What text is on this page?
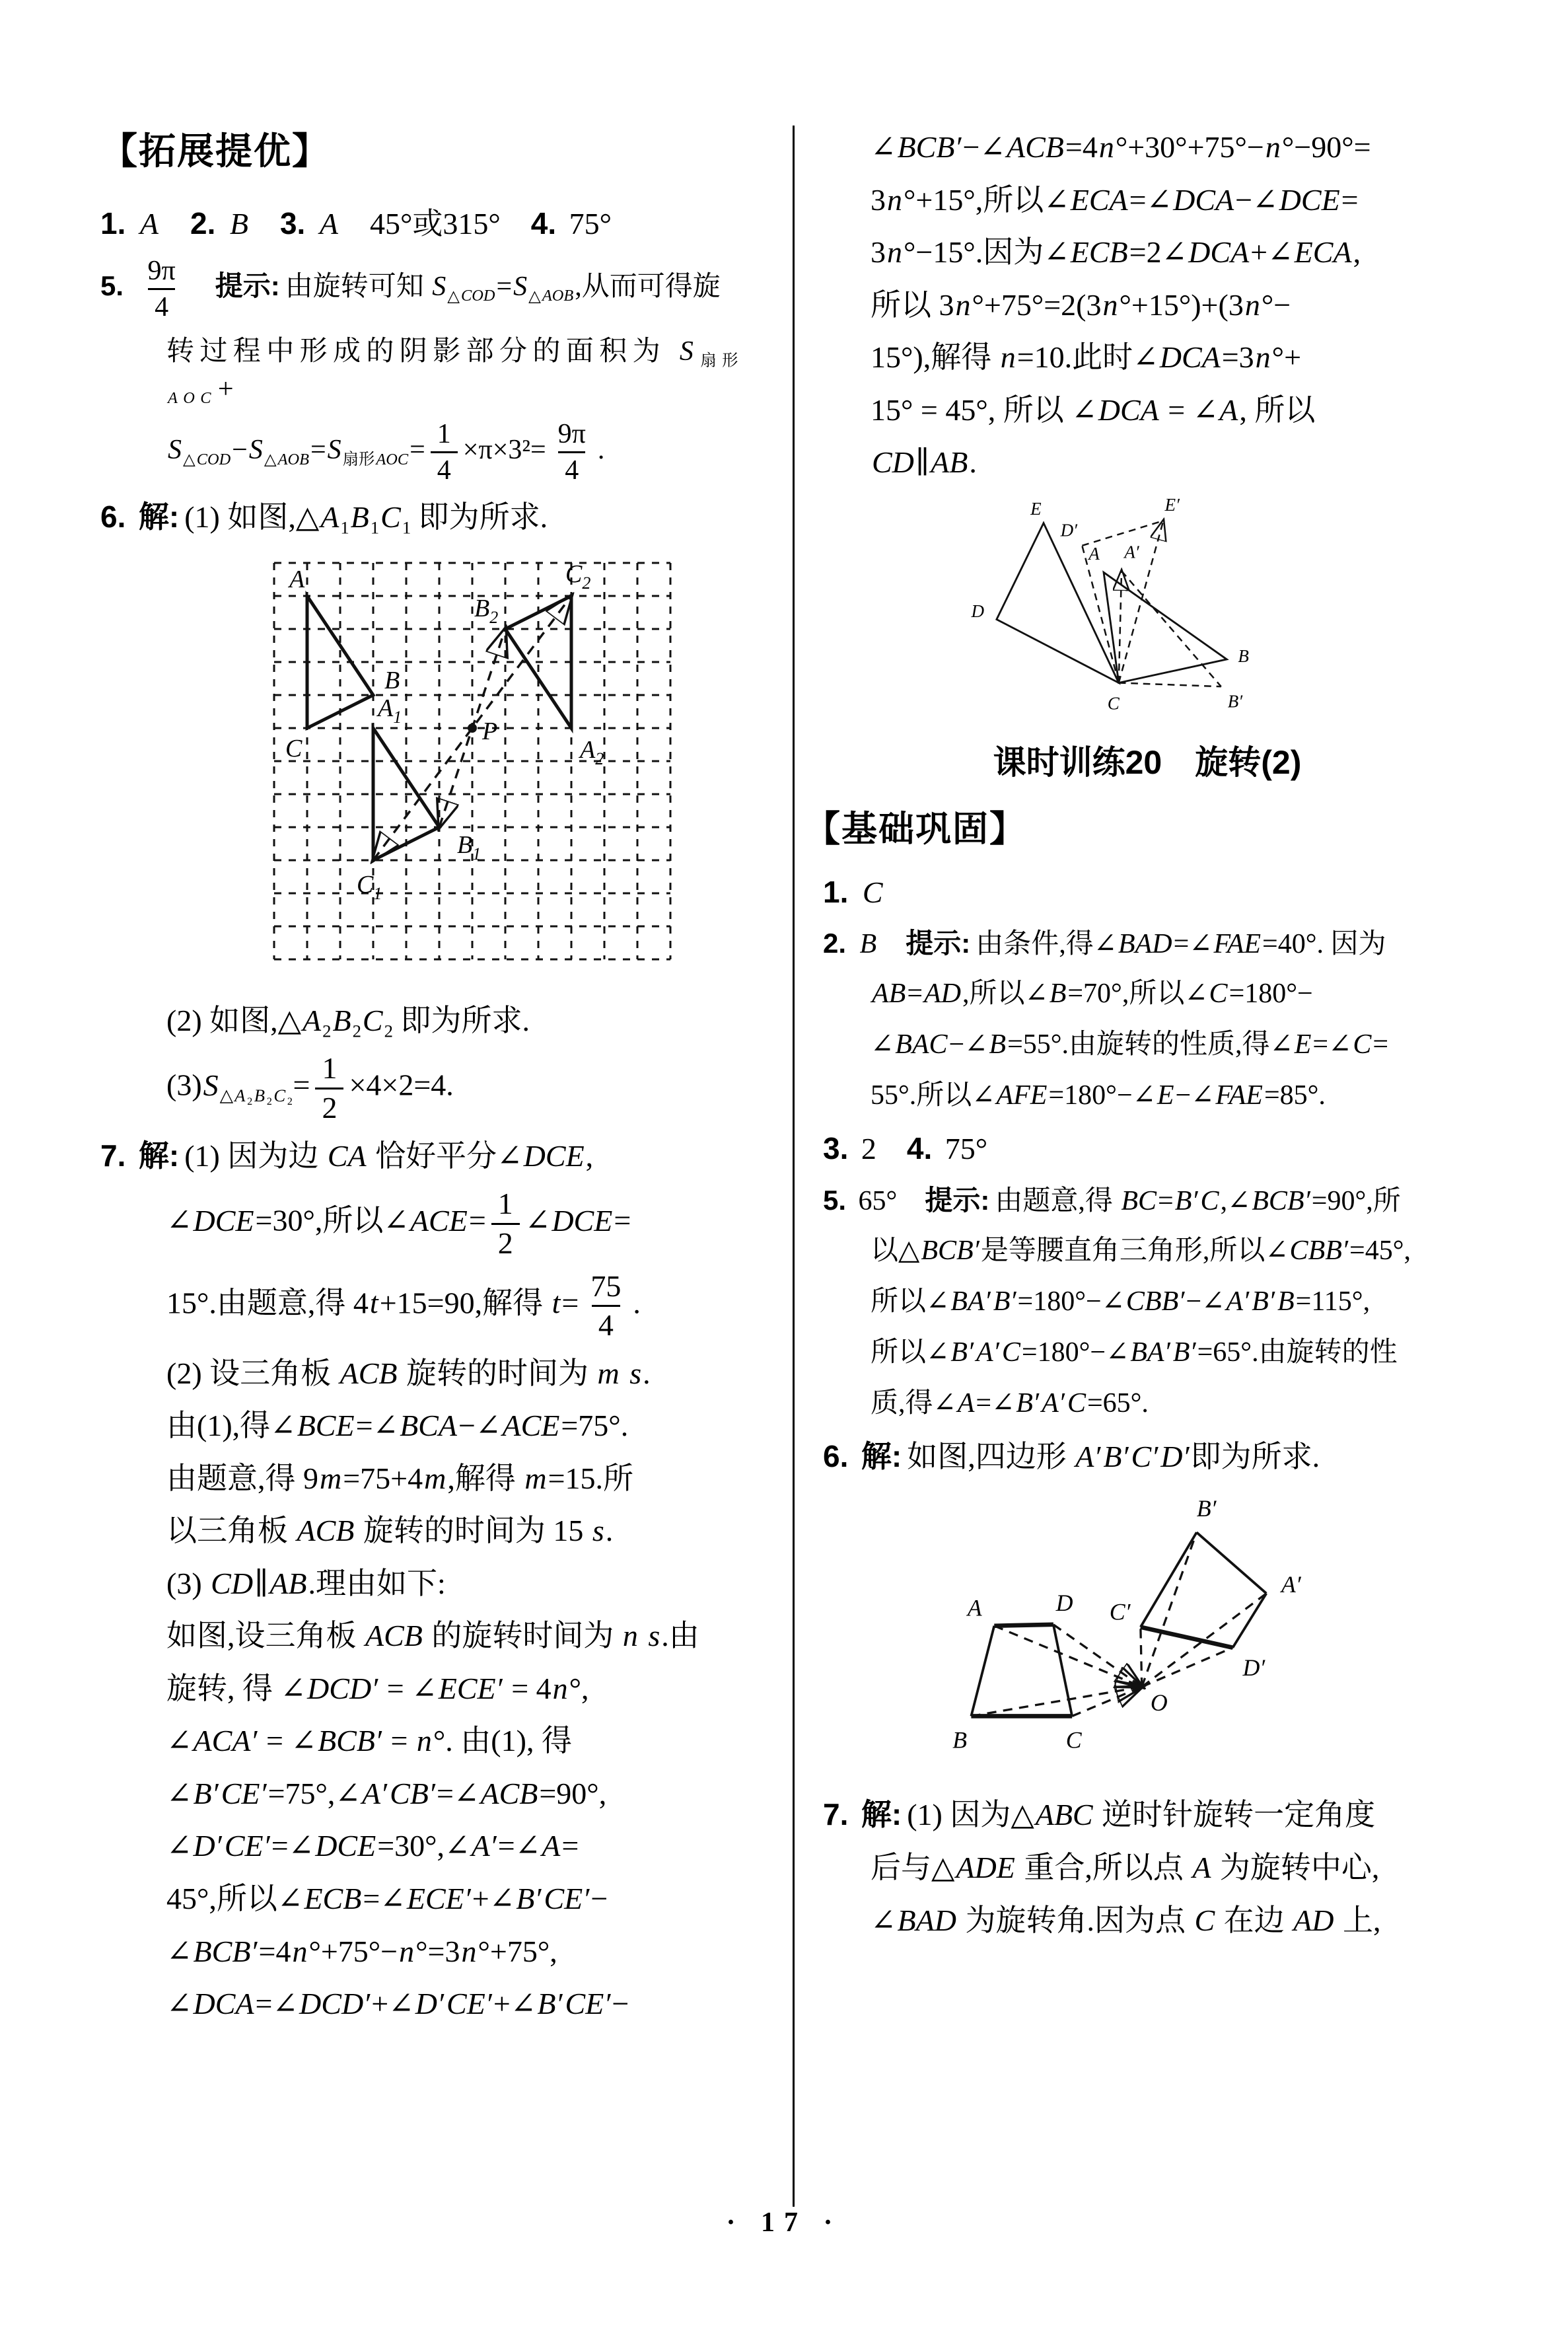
【拓展提优】
1. A　 2. B　 3. A　45°或315°　4. 75°
5. $\frac{9\pi}{4}$
　 提示: 由旋转可知 $S_{\triangle COD}=S_{\triangle AOB}$,从而可得旋
转过程中形成的阴影部分的面积为 $S_{扇形AOC}+$
$S_{\triangle COD}-S_{\triangle AOB}=S_{扇形AOC}= \frac{1}{4} \times\pi\times 3^2= \frac{9\pi}{4}$ .
6. 解: (1) 如图$,\triangle A_1B_1C_1$ 即为所求.
A
B
C
$A_1$
$B_1$
$C_1$
$B_2$
$C_2$
$A_2$
P
(2) 如图$,\triangle A_2B_2C_2$ 即为所求.
$(3)S_{\triangle A_2B_2C_2}= \frac{1}{2} \times 4\times 2=4$.
7. 解: (1) 因为边 CA 恰好平分∠DCE,
∠DCE=30°,所以∠ACE= $\frac{1}{2}$ ∠DCE=
15°.由题意,得 4t+15=90,解得 $t= \frac{75}{4}$ .
(2) 设三角板 ACB 旋转的时间为 m s.
由(1),得∠BCE=∠BCA−∠ACE=75°.
由题意,得 9m=75+4m,解得 m=15.所
以三角板 ACB 旋转的时间为 15 s.
(3) CD∥AB.理由如下:
如图,设三角板 ACB 的旋转时间为 n s.由
旋转, 得 ∠DCD′ = ∠ECE′ = 4n°,
∠ACA′ = ∠BCB′ = n°. 由(1), 得
∠B′CE′=75°,∠A′CB′=∠ACB=90°,
∠D′CE′=∠DCE=30°,∠A′=∠A=
45°,所以∠ECB=∠ECE′+∠B′CE′−
∠BCB′=4n°+75°−n°=3n°+75°,
∠DCA=∠DCD′+∠D′CE′+∠B′CE′−
∠BCB′−∠ACB=4n°+30°+75°−n°−90°=
3n°+15°,所以∠ECA=∠DCA−∠DCE=
3n°−15°.因为∠ECB=2∠DCA+∠ECA,
所以 3n°+75°=2(3n°+15°)+(3n°−
15°),解得 n=10.此时∠DCA=3n°+
15° = 45°, 所以 ∠DCA = ∠A, 所以
CD∥AB.
E
D
C
A A′
D′
E′
B
B′
课时训练20　旋转(2)
【基础巩固】
1. C
2. B　 提示: 由条件,得∠BAD=∠FAE=40°. 因为
AB=AD,所以∠B=70°,所以∠C=180°−
∠BAC−∠B=55°.由旋转的性质,得∠E=∠C=
55°.所以∠AFE=180°−∠E−∠FAE=85°.
3. 2　4. 75°
5. 65°　提示: 由题意,得 BC=B′C,∠BCB′=90°,所
以△BCB′是等腰直角三角形,所以∠CBB′=45°,
所以∠BA′B′=180°−∠CBB′−∠A′B′B=115°,
所以∠B′A′C=180°−∠BA′B′=65°.由旋转的性
质,得∠A=∠B′A′C=65°.
6. 解: 如图,四边形 A′B′C′D′即为所求.
A	D
B	C
O
C′
B′
A′
D′
7. 解: (1) 因为△ABC 逆时针旋转一定角度
后与△ADE 重合,所以点 A 为旋转中心,
∠BAD 为旋转角.因为点 C 在边 AD 上,
· 17 ·
